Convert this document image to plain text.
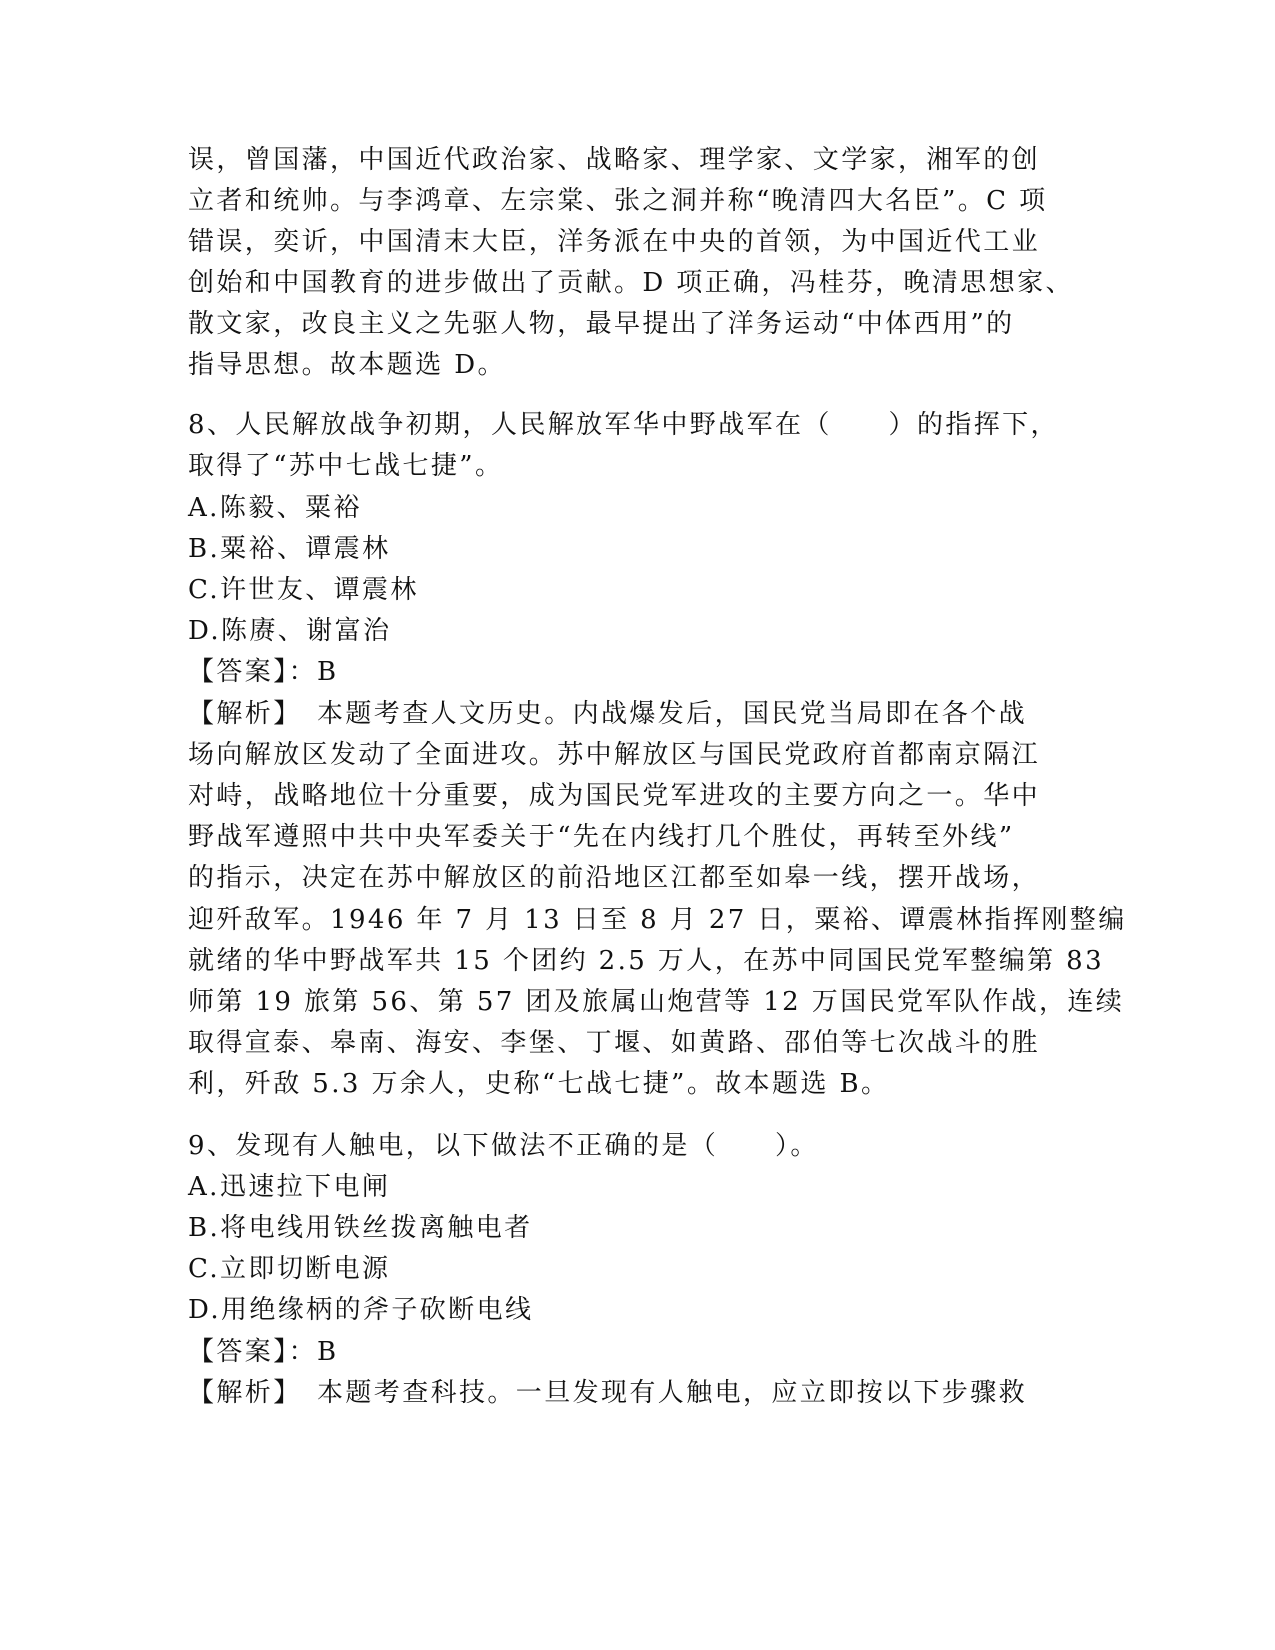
误，曾国藩，中国近代政治家、战略家、理学家、文学家，湘军的创
立者和统帅。与李鸿章、左宗棠、张之洞并称“晚清四大名臣”。C 项
错误，奕䜣，中国清末大臣，洋务派在中央的首领，为中国近代工业
创始和中国教育的进步做出了贡献。D 项正确，冯桂芬，晚清思想家、
散文家，改良主义之先驱人物，最早提出了洋务运动“中体西用”的
指导思想。故本题选 D。
8、人民解放战争初期，人民解放军华中野战军在（　　）的指挥下，
取得了“苏中七战七捷”。
A.陈毅、粟裕
B.粟裕、谭震林
C.许世友、谭震林
D.陈赓、谢富治
【答案】：B
【解析】　本题考查人文历史。内战爆发后，国民党当局即在各个战
场向解放区发动了全面进攻。苏中解放区与国民党政府首都南京隔江
对峙，战略地位十分重要，成为国民党军进攻的主要方向之一。华中
野战军遵照中共中央军委关于“先在内线打几个胜仗，再转至外线”
的指示，决定在苏中解放区的前沿地区江都至如皋一线，摆开战场，
迎歼敌军。1946 年 7 月 13 日至 8 月 27 日，粟裕、谭震林指挥刚整编
就绪的华中野战军共 15 个团约 2.5 万人，在苏中同国民党军整编第 83
师第 19 旅第 56、第 57 团及旅属山炮营等 12 万国民党军队作战，连续
取得宣泰、皋南、海安、李堡、丁堰、如黄路、邵伯等七次战斗的胜
利，歼敌 5.3 万余人，史称“七战七捷”。故本题选 B。
9、发现有人触电，以下做法不正确的是（　　）。
A.迅速拉下电闸
B.将电线用铁丝拨离触电者
C.立即切断电源
D.用绝缘柄的斧子砍断电线
【答案】：B
【解析】　本题考查科技。一旦发现有人触电，应立即按以下步骤救
